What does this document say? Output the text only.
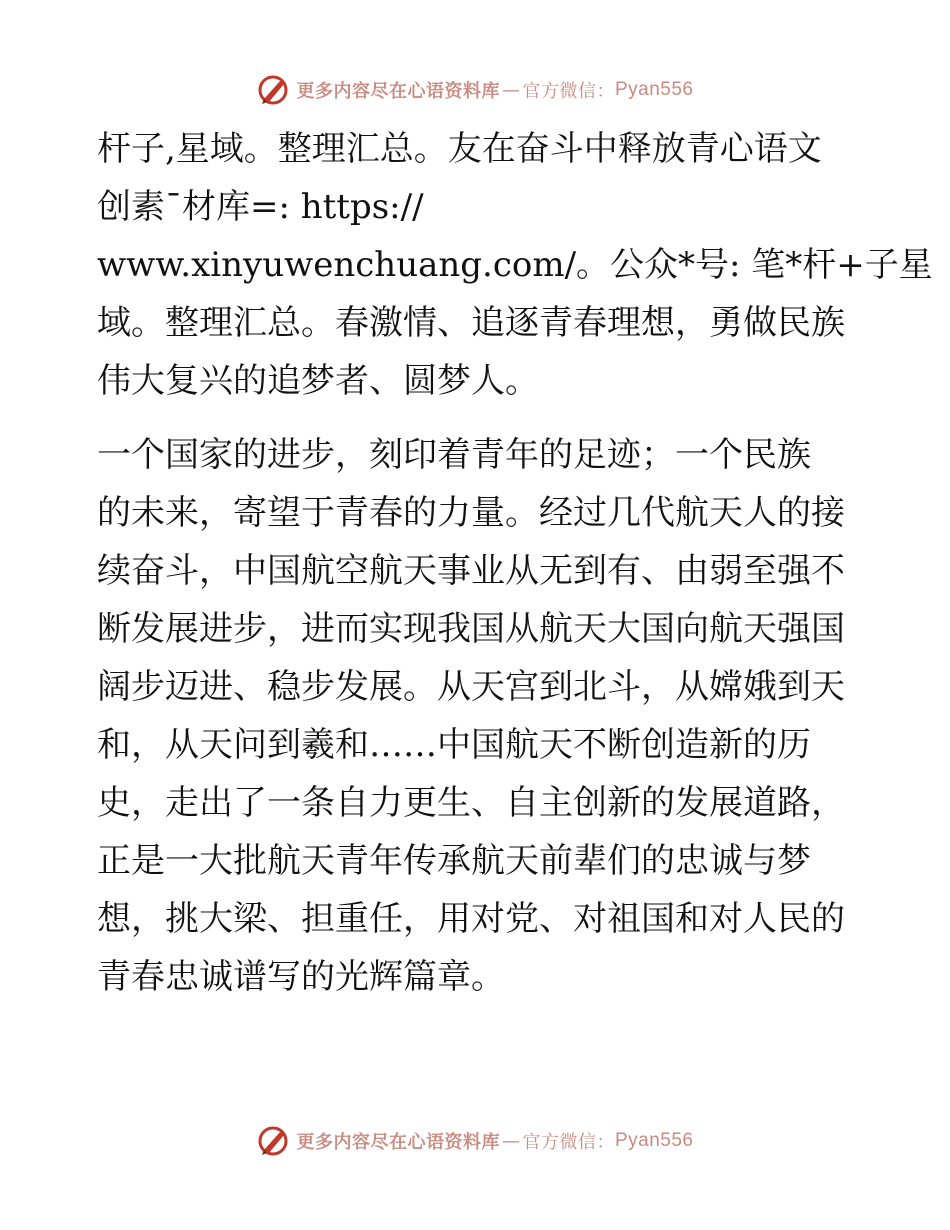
更多内容尽在心语资料库 — 官方微信： Pyan556
杆子,星域。整理汇总。友在奋斗中释放青心语文
创素¯材库=: https://
www.xinyuwenchuang.com/。公众*号: 笔*杆+子星
域。整理汇总。春激情、追逐青春理想，勇做民族
伟大复兴的追梦者、圆梦人。
一个国家的进步，刻印着青年的足迹；一个民族
的未来，寄望于青春的力量。经过几代航天人的接
续奋斗，中国航空航天事业从无到有、由弱至强不
断发展进步，进而实现我国从航天大国向航天强国
阔步迈进、稳步发展。从天宫到北斗，从嫦娥到天
和，从天问到羲和……中国航天不断创造新的历
史，走出了一条自力更生、自主创新的发展道路，
正是一大批航天青年传承航天前辈们的忠诚与梦
想，挑大梁、担重任，用对党、对祖国和对人民的
青春忠诚谱写的光辉篇章。
更多内容尽在心语资料库 — 官方微信： Pyan556
